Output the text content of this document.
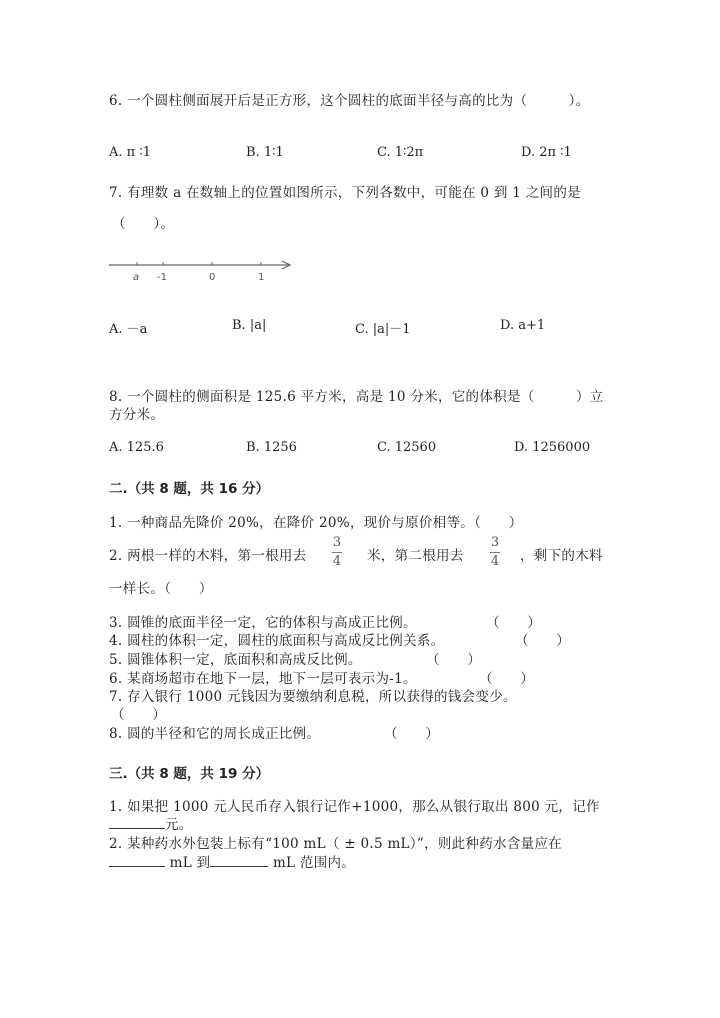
6. 一个圆柱侧面展开后是正方形，这个圆柱的底面半径与高的比为（　　　）。
A. π ∶1	B. 1∶1	C. 1∶2π	D. 2π ∶1
7. 有理数 a 在数轴上的位置如图所示，下列各数中，可能在 0 到 1 之间的是
（　　）。
a -1	0	1
A. －a	B. |a|	C. |a|－1	D. a+1
8. 一个圆柱的侧面积是 125.6 平方米，高是 10 分米，它的体积是（　　　）立
方分米。
A. 125.6	B. 1256	C. 12560	D. 1256000
二.（共 8 题，共 16 分）
1. 一种商品先降价 20%，在降价 20%，现价与原价相等。（　　）
2. 两根一样的木料，第一根用去
3
4 米，第二根用去
3
4 ，剩下的木料
一样长。（　　）
3. 圆锥的底面半径一定，它的体积与高成正比例。	（　　）
4. 圆柱的体积一定，圆柱的底面积与高成反比例关系。	（　　）
5. 圆锥体积一定，底面积和高成反比例。	（　　）
6. 某商场超市在地下一层，地下一层可表示为-1。	（　　）
7. 存入银行 1000 元钱因为要缴纳利息税，所以获得的钱会变少。
（　　）
8. 圆的半径和它的周长成正比例。	（　　）
三.（共 8 题，共 19 分）
1. 如果把 1000 元人民币存入银行记作+1000，那么从银行取出 800 元，记作
元。
2. 某种药水外包装上标有“100 mL（ ± 0.5 mL）”，则此种药水含量应在
mL 到	mL 范围内。
